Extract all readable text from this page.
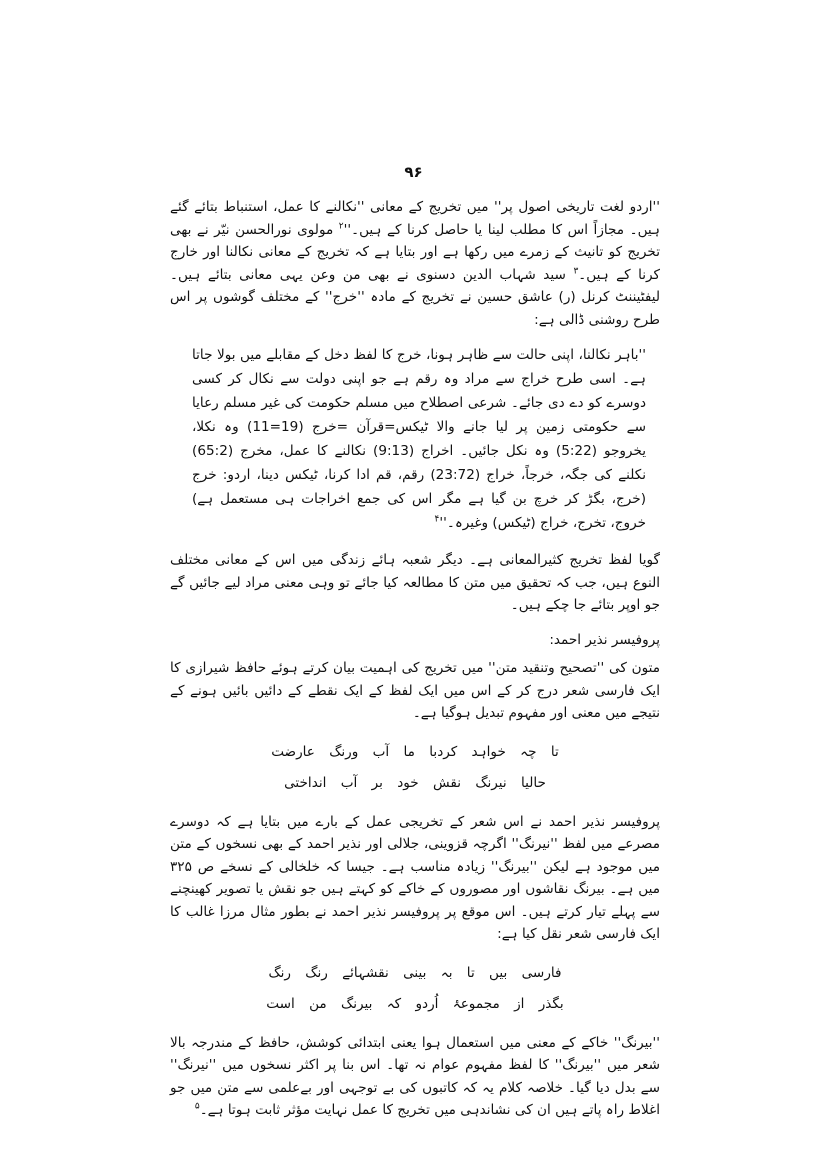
۹۶

''اردو لغت تاریخی اصول پر'' میں تخریج کے معانی ''نکالنے کا عمل، استنباط بتائے گئے ہیں۔ مجازاً اس کا مطلب لینا یا حاصل کرنا کے $ہیں۔''^۲$ مولوی نورالحسن نیّر نے بھی تخریج کو تانیث کے زمرے میں رکھا ہے اور بتایا ہے کہ تخریج کے معانی نکالنا اور خارج کرنا کے ہیں۔$^۳$ سید شہاب الدین دسنوی نے بھی من وعن یہی معانی بتائے ہیں۔ لیفٹیننٹ کرنل (ر) عاشق حسین نے تخریج کے مادہ ''خرج'' کے مختلف گوشوں پر اس طرح روشنی ڈالی ہے:

''باہر نکالنا، اپنی حالت سے ظاہر ہونا، خرج کا لفظ دخل کے مقابلے میں بولا جاتا ہے۔ اسی طرح خراج سے مراد وہ رقم ہے جو اپنی دولت سے نکال کر کسی دوسرے کو دے دی جائے۔ شرعی اصطلاح میں مسلم حکومت کی غیر مسلم رعایا سے حکومتی زمین پر لیا جانے والا ٹیکس=قرآن =خرج (19=11) وہ نکلا، یخروجو (5:22) وہ نکل جائیں۔ اخراج (9:13) نکالنے کا عمل، مخرج (65:2) نکلنے کی جگہ، خرجاً، خراج (23:72) رقم، قم ادا کرنا، ٹیکس دینا، اردو: خرج (خرج، بگڑ کر خرچ بن گیا ہے مگر اس کی جمع اخراجات ہی مستعمل ہے) خروج، تخرج، خراج (ٹیکس) $وغیرہ۔''^۴$

گویا لفظ تخریج کثیرالمعانی ہے۔ دیگر شعبہ ہائے زندگی میں اس کے معانی مختلف النوع ہیں، جب کہ تحقیق میں متن کا مطالعہ کیا جائے تو وہی معنی مراد لیے جائیں گے جو اوپر بتائے جا چکے ہیں۔

پروفیسر نذیر احمد:

متون کی ''تصحیح وتنقید متن'' میں تخریج کی اہمیت بیان کرتے ہوئے حافظ شیرازی کا ایک فارسی شعر درج کر کے اس میں ایک لفظ کے ایک نقطے کے دائیں بائیں ہونے کے نتیجے میں معنی اور مفہوم تبدیل ہوگیا ہے۔

تا چہ خواہد کردبا ما آب ورنگ عارضت
حالیا نیرنگ نقش خود بر آب انداختی

پروفیسر نذیر احمد نے اس شعر کے تخریجی عمل کے بارے میں بتایا ہے کہ دوسرے مصرعے میں لفظ ''نیرنگ'' اگرچہ قزوینی، جلالی اور نذیر احمد کے بھی نسخوں کے متن میں موجود ہے لیکن ''بیرنگ'' زیادہ مناسب ہے۔ جیسا کہ خلخالی کے نسخے ص ۳۲۵ میں ہے۔ بیرنگ نقاشوں اور مصوروں کے خاکے کو کہتے ہیں جو نقش یا تصویر کھینچنے سے پہلے تیار کرتے ہیں۔ اس موقع پر پروفیسر نذیر احمد نے بطور مثال مرزا غالب کا ایک فارسی شعر نقل کیا ہے:

فارسی بیں تا بہ بینی نقشہائے رنگ رنگ
بگذر از مجموعۂ اُردو کہ بیرنگ من است

''بیرنگ'' خاکے کے معنی میں استعمال ہوا یعنی ابتدائی کوشش، حافظ کے مندرجہ بالا شعر میں ''بیرنگ'' کا لفظ مفہوم عوام نہ تھا۔ اس بنا پر اکثر نسخوں میں ''نیرنگ'' سے بدل دیا گیا۔ خلاصہ کلام یہ کہ کاتبوں کی بے توجہی اور بےعلمی سے متن میں جو اغلاط راہ پاتے ہیں ان کی نشاندہی میں تخریج کا عمل نہایت مؤثر ثابت ہوتا ہے۔$^۵$
